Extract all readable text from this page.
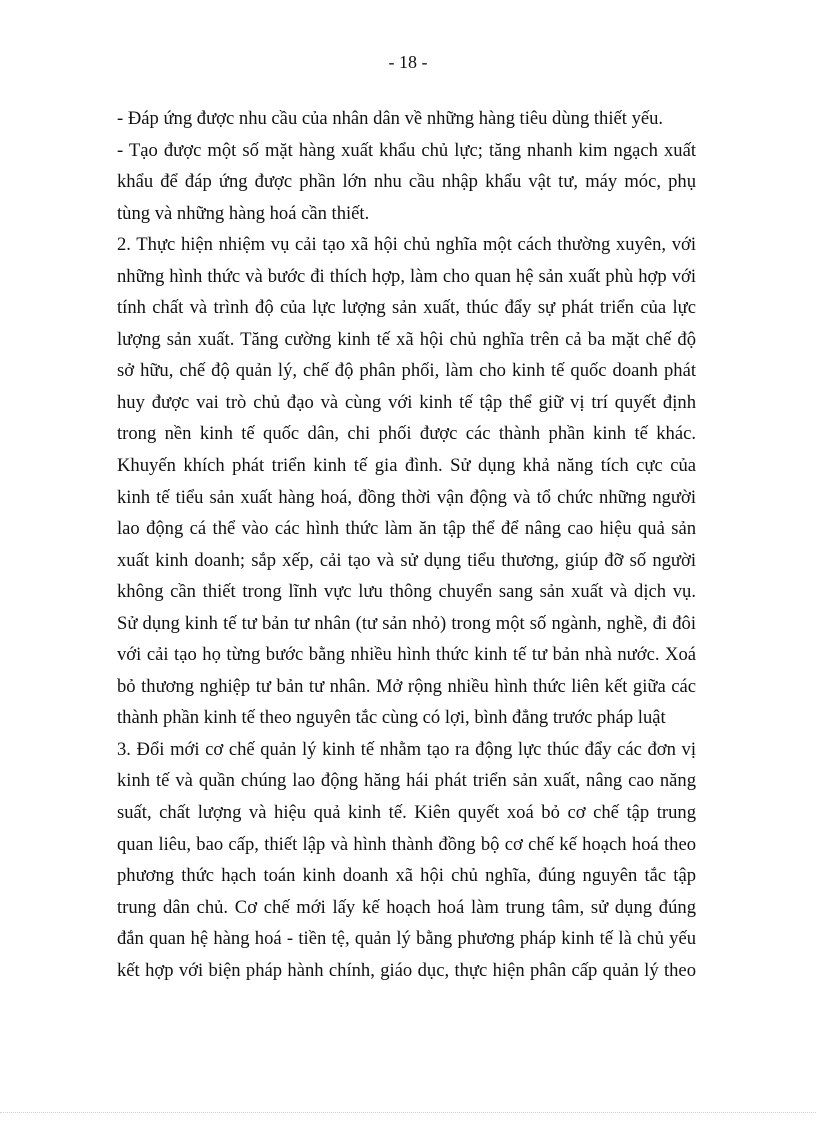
- 18 -
- Đáp ứng được nhu cầu của nhân dân về những hàng tiêu dùng thiết yếu.
- Tạo được một số mặt hàng xuất khẩu chủ lực; tăng nhanh kim ngạch xuất
khẩu để đáp ứng được phần lớn nhu cầu nhập khẩu vật tư, máy móc, phụ
tùng và những hàng hoá cần thiết.
2. Thực hiện nhiệm vụ cải tạo xã hội chủ nghĩa một cách thường xuyên, với
những hình thức và bước đi thích hợp, làm cho quan hệ sản xuất phù hợp với
tính chất và trình độ của lực lượng sản xuất, thúc đẩy sự phát triển của lực
lượng sản xuất. Tăng cường kinh tế xã hội chủ nghĩa trên cả ba mặt chế độ
sở hữu, chế độ quản lý, chế độ phân phối, làm cho kinh tế quốc doanh phát
huy được vai trò chủ đạo và cùng với kinh tế tập thể giữ vị trí quyết định
trong nền kinh tế quốc dân, chi phối được các thành phần kinh tế khác.
Khuyến khích phát triển kinh tế gia đình. Sử dụng khả năng tích cực của
kinh tế tiểu sản xuất hàng hoá, đồng thời vận động và tổ chức những người
lao động cá thể vào các hình thức làm ăn tập thể để nâng cao hiệu quả sản
xuất kinh doanh; sắp xếp, cải tạo và sử dụng tiểu thương, giúp đỡ số người
không cần thiết trong lĩnh vực lưu thông chuyển sang sản xuất và dịch vụ.
Sử dụng kinh tế tư bản tư nhân (tư sản nhỏ) trong một số ngành, nghề, đi đôi
với cải tạo họ từng bước bằng nhiều hình thức kinh tế tư bản nhà nước. Xoá
bỏ thương nghiệp tư bản tư nhân. Mở rộng nhiều hình thức liên kết giữa các
thành phần kinh tế theo nguyên tắc cùng có lợi, bình đẳng trước pháp luật
3. Đổi mới cơ chế quản lý kinh tế nhằm tạo ra động lực thúc đẩy các đơn vị
kinh tế và quần chúng lao động hăng hái phát triển sản xuất, nâng cao năng
suất, chất lượng và hiệu quả kinh tế. Kiên quyết xoá bỏ cơ chế tập trung
quan liêu, bao cấp, thiết lập và hình thành đồng bộ cơ chế kế hoạch hoá theo
phương thức hạch toán kinh doanh xã hội chủ nghĩa, đúng nguyên tắc tập
trung dân chủ. Cơ chế mới lấy kế hoạch hoá làm trung tâm, sử dụng đúng
đắn quan hệ hàng hoá - tiền tệ, quản lý bằng phương pháp kinh tế là chủ yếu
kết hợp với biện pháp hành chính, giáo dục, thực hiện phân cấp quản lý theo
